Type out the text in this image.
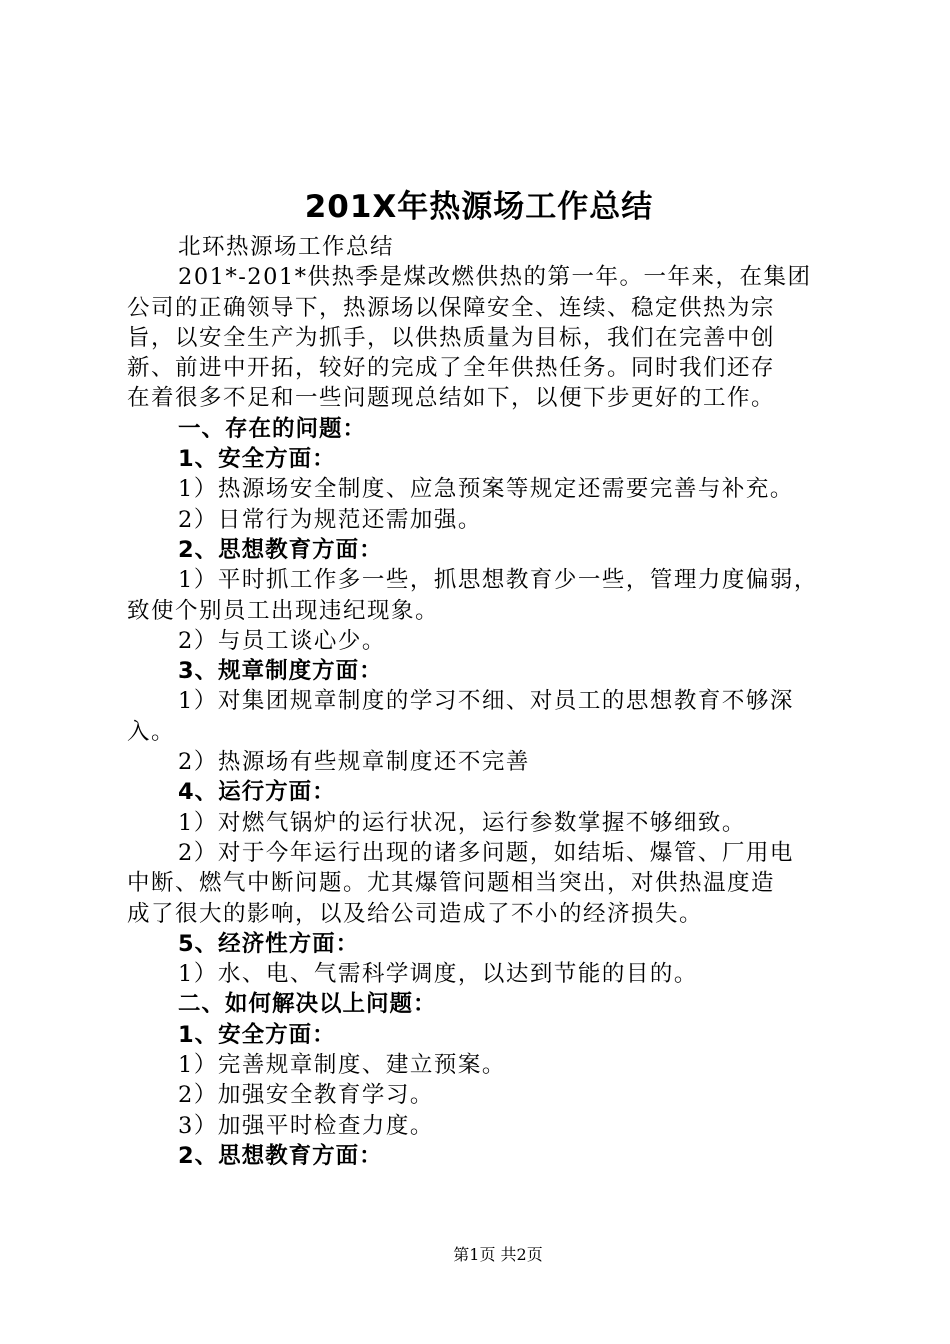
201X年热源场工作总结
北环热源场工作总结
201*-201*供热季是煤改燃供热的第一年。一年来，在集团
公司的正确领导下，热源场以保障安全、连续、稳定供热为宗
旨，以安全生产为抓手，以供热质量为目标，我们在完善中创
新、前进中开拓，较好的完成了全年供热任务。同时我们还存
在着很多不足和一些问题现总结如下，以便下步更好的工作。
一、存在的问题：
1、安全方面：
1）热源场安全制度、应急预案等规定还需要完善与补充。
2）日常行为规范还需加强。
2、思想教育方面：
1）平时抓工作多一些，抓思想教育少一些，管理力度偏弱，
致使个别员工出现违纪现象。
2）与员工谈心少。
3、规章制度方面：
1）对集团规章制度的学习不细、对员工的思想教育不够深
入。
2）热源场有些规章制度还不完善
4、运行方面：
1）对燃气锅炉的运行状况，运行参数掌握不够细致。
2）对于今年运行出现的诸多问题，如结垢、爆管、厂用电
中断、燃气中断问题。尤其爆管问题相当突出，对供热温度造
成了很大的影响，以及给公司造成了不小的经济损失。
5、经济性方面：
1）水、电、气需科学调度，以达到节能的目的。
二、如何解决以上问题：
1、安全方面：
1）完善规章制度、建立预案。
2）加强安全教育学习。
3）加强平时检查力度。
2、思想教育方面：
第1页 共2页
